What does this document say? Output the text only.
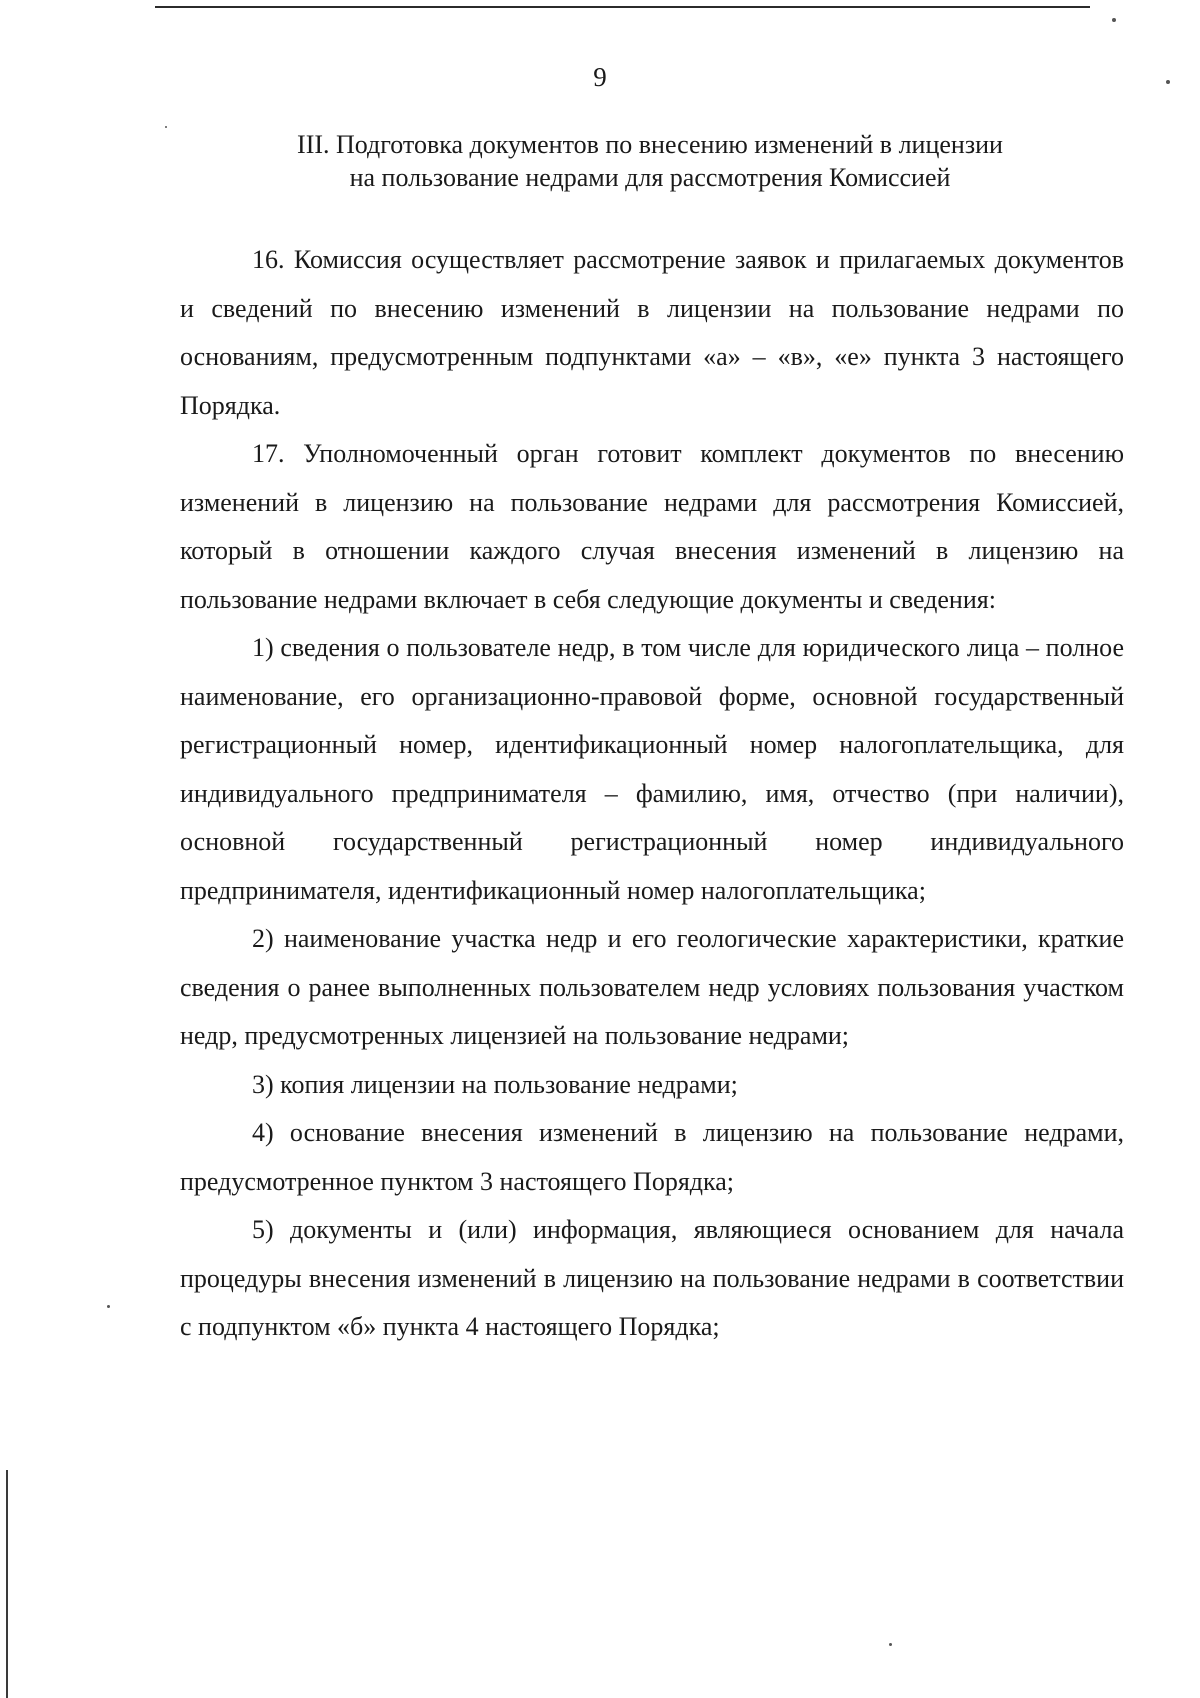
9
III. Подготовка документов по внесению изменений в лицензии
на пользование недрами для рассмотрения Комиссией

16. Комиссия осуществляет рассмотрение заявок и прилагаемых документов и сведений по внесению изменений в лицензии на пользование недрами по основаниям, предусмотренным подпунктами «а» – «в», «е» пункта 3 настоящего Порядка.

17. Уполномоченный орган готовит комплект документов по внесению изменений в лицензию на пользование недрами для рассмотрения Комиссией, который в отношении каждого случая внесения изменений в лицензию на пользование недрами включает в себя следующие документы и сведения:

1) сведения о пользователе недр, в том числе для юридического лица – полное наименование, его организационно-правовой форме, основной государственный регистрационный номер, идентификационный номер налогоплательщика, для индивидуального предпринимателя – фамилию, имя, отчество (при наличии), основной государственный регистрационный номер индивидуального предпринимателя, идентификационный номер налогоплательщика;

2) наименование участка недр и его геологические характеристики, краткие сведения о ранее выполненных пользователем недр условиях пользования участком недр, предусмотренных лицензией на пользование недрами;

3) копия лицензии на пользование недрами;

4) основание внесения изменений в лицензию на пользование недрами, предусмотренное пунктом 3 настоящего Порядка;

5) документы и (или) информация, являющиеся основанием для начала процедуры внесения изменений в лицензию на пользование недрами в соответствии с подпунктом «б» пункта 4 настоящего Порядка;
